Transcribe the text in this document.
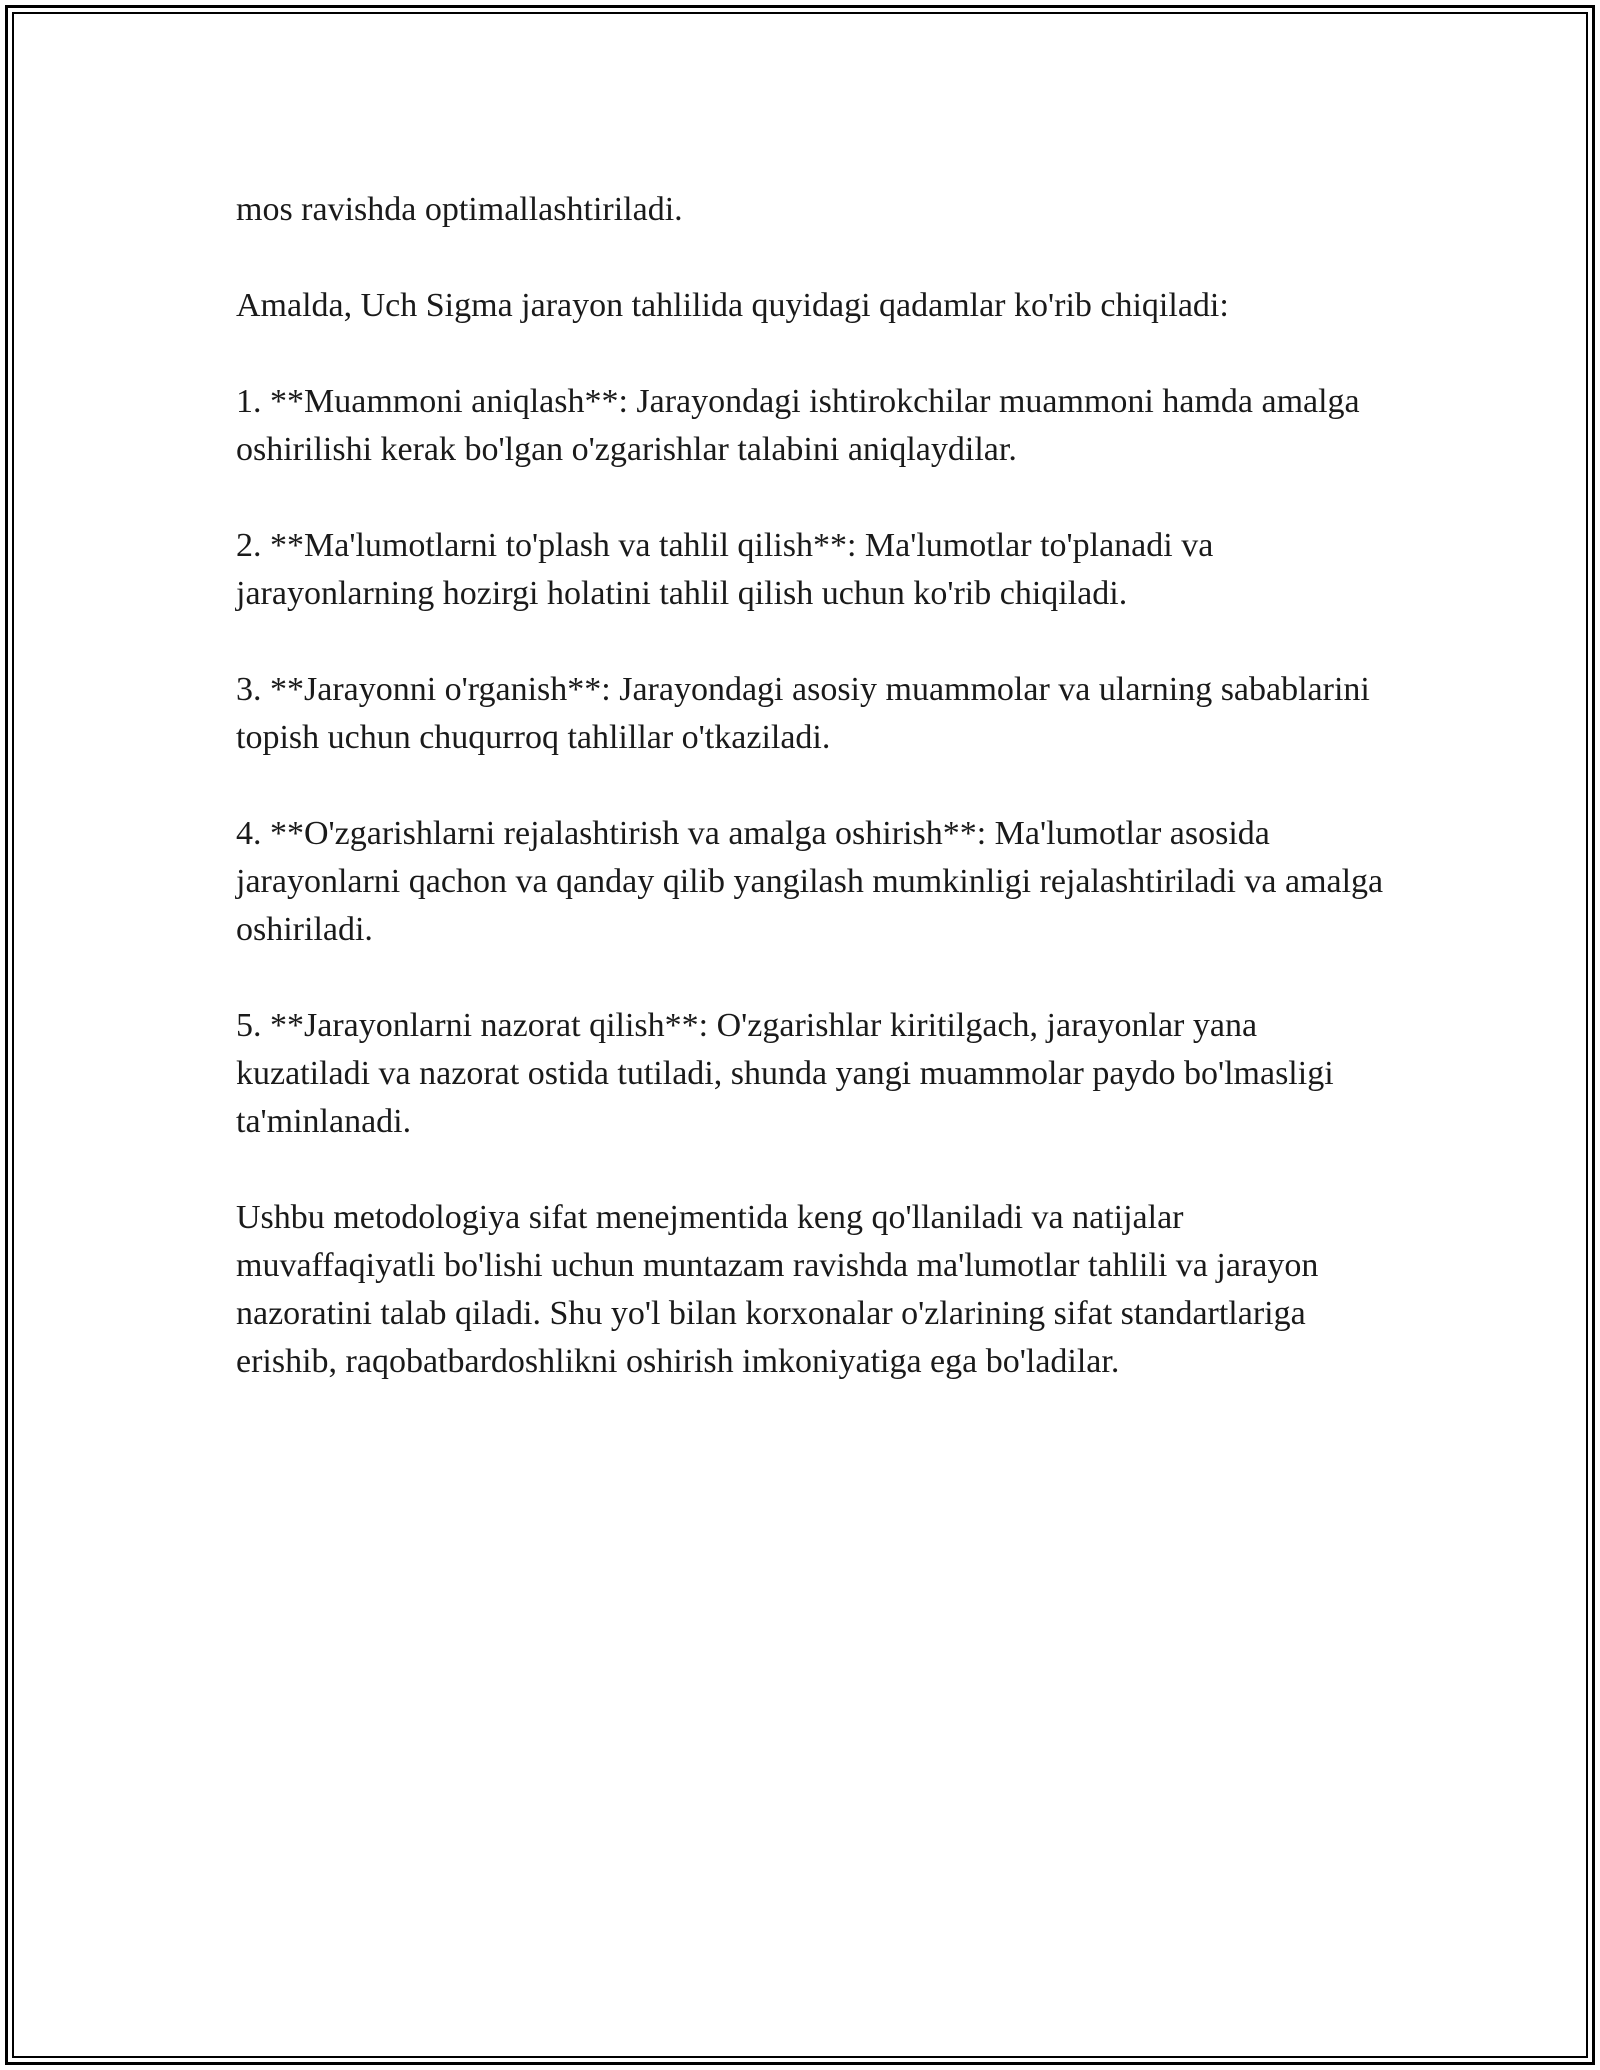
mos ravishda optimallashtiriladi.

Amalda, Uch Sigma jarayon tahlilida quyidagi qadamlar ko'rib chiqiladi:

1. **Muammoni aniqlash**: Jarayondagi ishtirokchilar muammoni hamda amalga oshirilishi kerak bo'lgan o'zgarishlar talabini aniqlaydilar.

2. **Ma'lumotlarni to'plash va tahlil qilish**: Ma'lumotlar to'planadi va jarayonlarning hozirgi holatini tahlil qilish uchun ko'rib chiqiladi.

3. **Jarayonni o'rganish**: Jarayondagi asosiy muammolar va ularning sabablarini topish uchun chuqurroq tahlillar o'tkaziladi.

4. **O'zgarishlarni rejalashtirish va amalga oshirish**: Ma'lumotlar asosida jarayonlarni qachon va qanday qilib yangilash mumkinligi rejalashtiriladi va amalga oshiriladi.

5. **Jarayonlarni nazorat qilish**: O'zgarishlar kiritilgach, jarayonlar yana kuzatiladi va nazorat ostida tutiladi, shunda yangi muammolar paydo bo'lmasligi ta'minlanadi.

Ushbu metodologiya sifat menejmentida keng qo'llaniladi va natijalar muvaffaqiyatli bo'lishi uchun muntazam ravishda ma'lumotlar tahlili va jarayon nazoratini talab qiladi. Shu yo'l bilan korxonalar o'zlarining sifat standartlariga erishib, raqobatbardoshlikni oshirish imkoniyatiga ega bo'ladilar.
